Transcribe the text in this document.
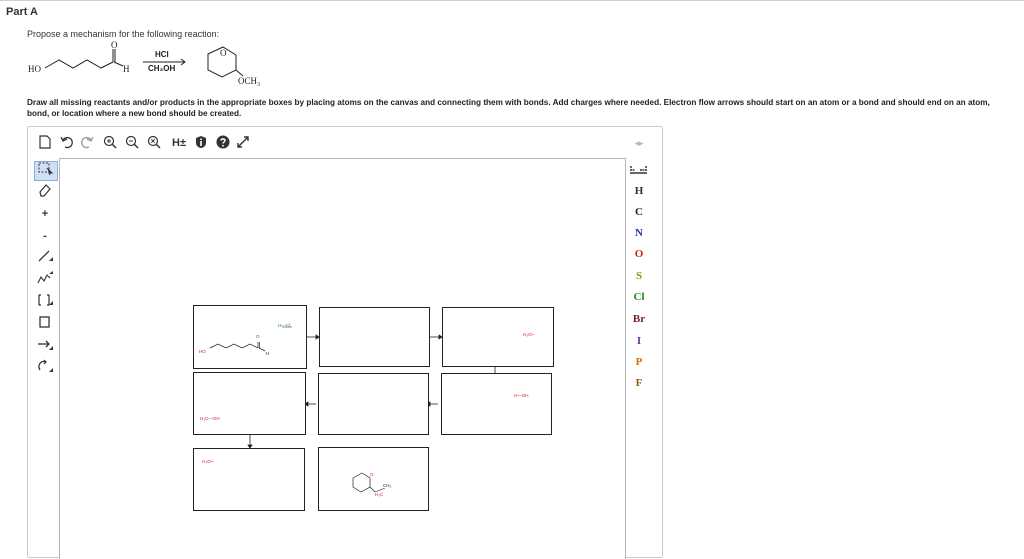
Part A
Propose a mechanism for the following reaction:
HO
O
H
HCl
CH₃OH
O
OCH₃
Draw all missing reactants and/or products in the appropriate boxes by placing atoms on the canvas and connecting them with bonds. Add charges where needed. Electron flow arrows should start on an atom or a bond and should end on an atom, bond, or location where a new bond should be created.
H±	◂▸
+
-
HO
O
H
H—Cl:
H₃O+
H₃C—OH
H—OH
H₃O+
O
CH₃
H₃C
H
C
N
O
S
Cl
Br
I
P
F
